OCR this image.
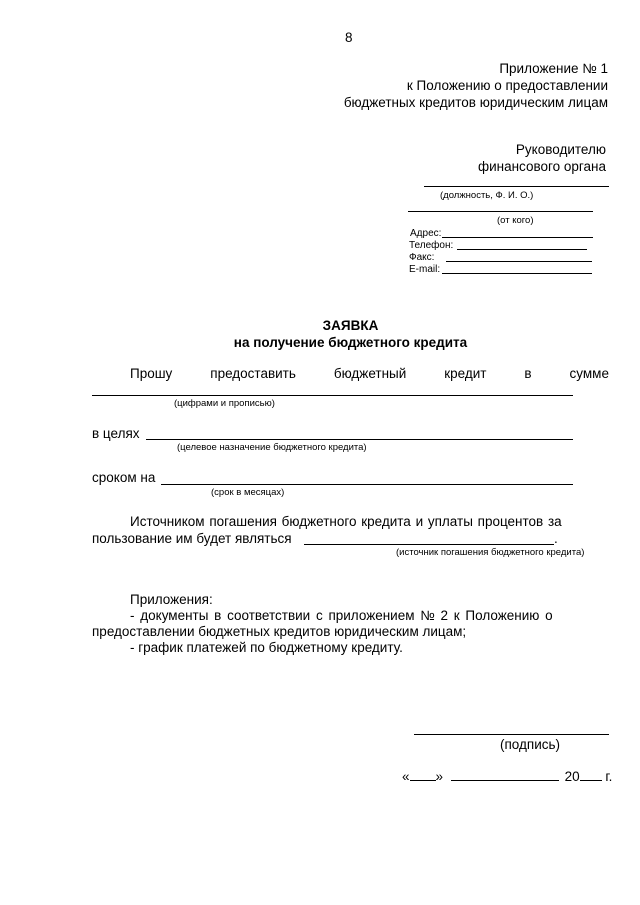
8
Приложение № 1
к Положению о предоставлении
бюджетных кредитов юридическим лицам
Руководителю
финансового органа
(должность, Ф. И. О.)
(от кого)
Адрес:
Телефон:
Факс:
E-mail:
ЗАЯВКА
на получение бюджетного кредита
Прошу	предоставить	бюджетный	кредит	в	сумме
(цифрами и прописью)
в целях
(целевое назначение бюджетного кредита)
сроком на
(срок в месяцах)
Источником погашения бюджетного кредита и уплаты процентов за
пользование им будет являться	.
(источник погашения бюджетного кредита)
Приложения:
- документы в соответствии с приложением № 2 к Положению о
предоставлении бюджетных кредитов юридическим лицам;
- график платежей по бюджетному кредиту.
(подпись)
« »	20 г.
